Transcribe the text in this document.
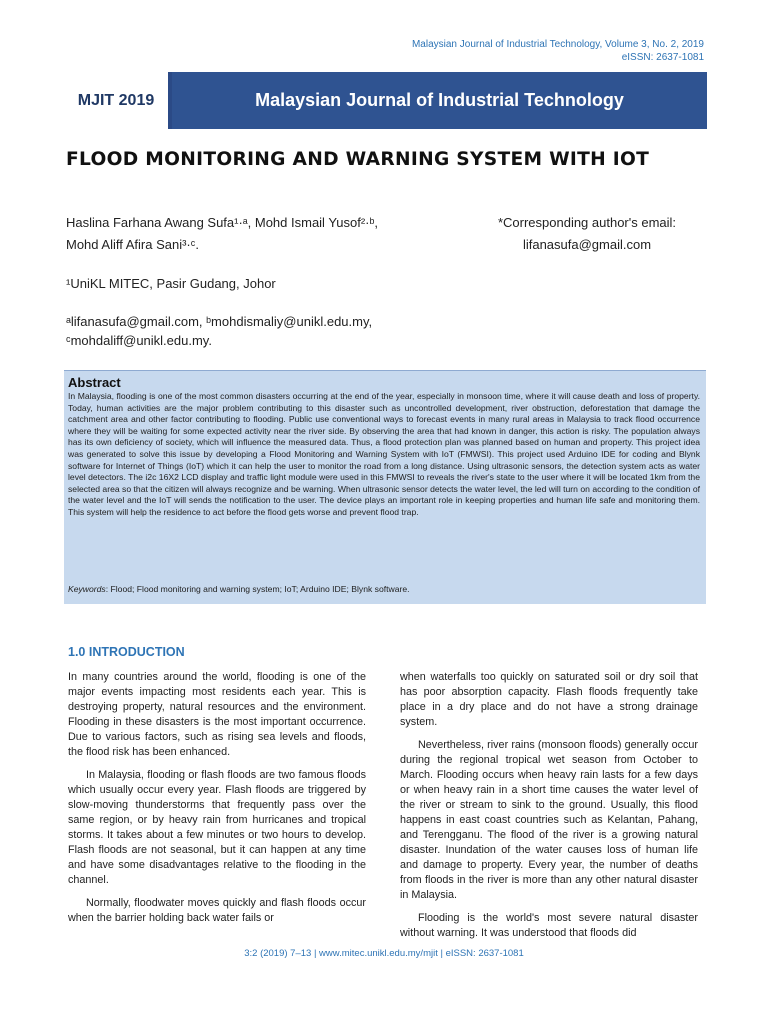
Malaysian Journal of Industrial Technology, Volume 3, No. 2, 2019
eISSN: 2637-1081
MJIT 2019	Malaysian Journal of Industrial Technology
FLOOD MONITORING AND WARNING SYSTEM WITH IOT
Haslina Farhana Awang Sufa¹·ᵃ, Mohd Ismail Yusof²·ᵇ,
Mohd Aliff Afira Sani³·ᶜ.
*Corresponding author's email:
lifanasufa@gmail.com
¹UniKL MITEC, Pasir Gudang, Johor
ᵃlifanasufa@gmail.com, ᵇmohdismaliy@unikl.edu.my,
ᶜmohdaliff@unikl.edu.my.
Abstract
In Malaysia, flooding is one of the most common disasters occurring at the end of the year, especially in monsoon time, where it will cause death and loss of property. Today, human activities are the major problem contributing to this disaster such as uncontrolled development, river obstruction, deforestation that damage the catchment area and other factor contributing to flooding. Public use conventional ways to forecast events in many rural areas in Malaysia to track flood occurrence where they will be waiting for some expected activity near the river side. By observing the area that had known in danger, this action is risky. The population always has its own deficiency of society, which will influence the measured data. Thus, a flood protection plan was planned based on human and property. This project idea was generated to solve this issue by developing a Flood Monitoring and Warning System with IoT (FMWSI). This project used Arduino IDE for coding and Blynk software for Internet of Things (IoT) which it can help the user to monitor the road from a long distance. Using ultrasonic sensors, the detection system acts as water level detectors. The i2c 16X2 LCD display and traffic light module were used in this FMWSI to reveals the river's state to the user where it will be located 1km from the selected area so that the citizen will always recognize and be warning. When ultrasonic sensor detects the water level, the led will turn on according to the condition of the water level and the IoT will sends the notification to the user. The device plays an important role in keeping properties and human life safe and monitoring them. This system will help the residence to act before the flood gets worse and prevent flood trap.
Keywords: Flood; Flood monitoring and warning system; IoT; Arduino IDE; Blynk software.
1.0 INTRODUCTION

In many countries around the world, flooding is one of the major events impacting most residents each year. This is destroying property, natural resources and the environment. Flooding in these disasters is the most important occurrence. Due to various factors, such as rising sea levels and floods, the flood risk has been enhanced.

In Malaysia, flooding or flash floods are two famous floods which usually occur every year. Flash floods are triggered by slow-moving thunderstorms that frequently pass over the same region, or by heavy rain from hurricanes and tropical storms. It takes about a few minutes or two hours to develop. Flash floods are not seasonal, but it can happen at any time and have some disadvantages relative to the flooding in the channel.

Normally, floodwater moves quickly and flash floods occur when the barrier holding back water fails or

when waterfalls too quickly on saturated soil or dry soil that has poor absorption capacity. Flash floods frequently take place in a dry place and do not have a strong drainage system.

Nevertheless, river rains (monsoon floods) generally occur during the regional tropical wet season from October to March. Flooding occurs when heavy rain lasts for a few days or when heavy rain in a short time causes the water level of the river or stream to sink to the ground. Usually, this flood happens in east coast countries such as Kelantan, Pahang, and Terengganu. The flood of the river is a growing natural disaster. Inundation of the water causes loss of human life and damage to property. Every year, the number of deaths from floods in the river is more than any other natural disaster in Malaysia.

Flooding is the world's most severe natural disaster without warning. It was understood that floods did

3:2 (2019) 7–13 | www.mitec.unikl.edu.my/mjit | eISSN: 2637-1081
